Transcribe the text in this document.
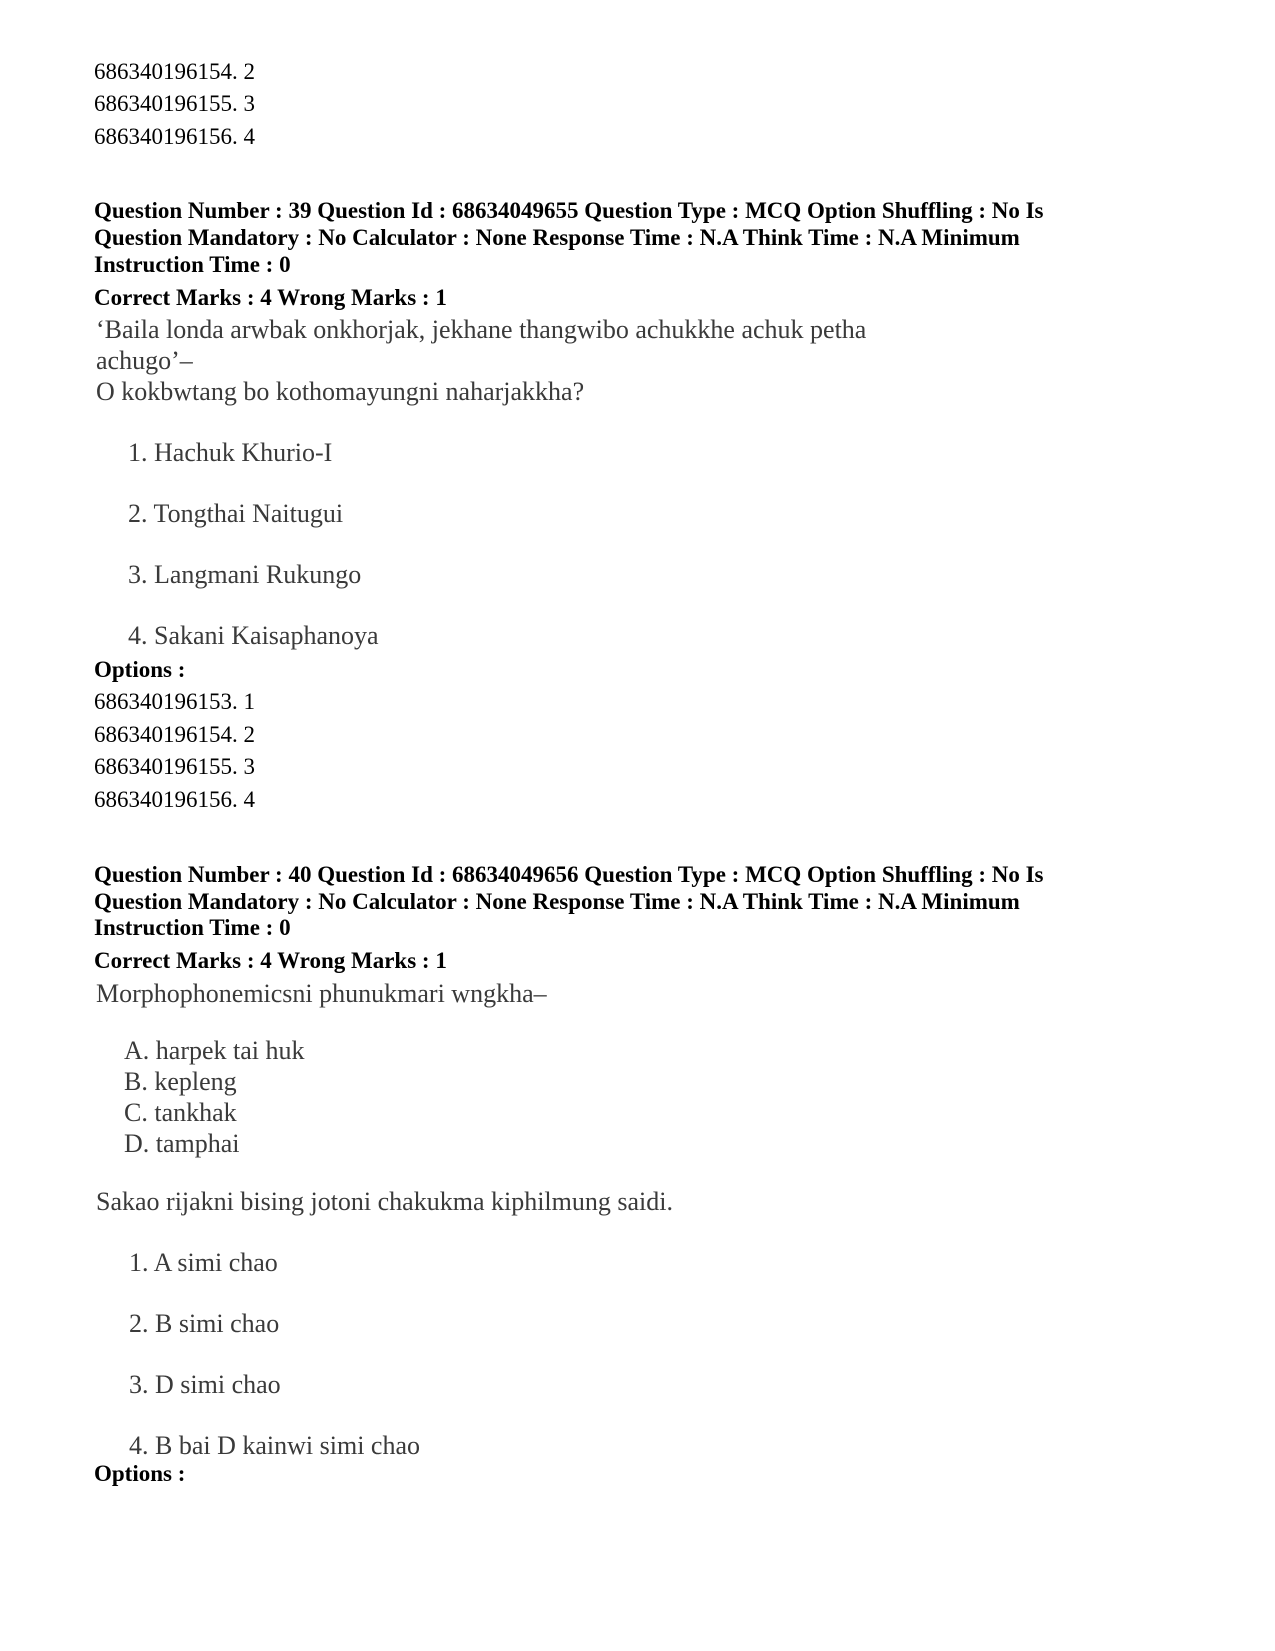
686340196154. 2
686340196155. 3
686340196156. 4
Question Number : 39 Question Id : 68634049655 Question Type : MCQ Option Shuffling : No Is
Question Mandatory : No Calculator : None Response Time : N.A Think Time : N.A Minimum
Instruction Time : 0
Correct Marks : 4 Wrong Marks : 1
‘Baila londa arwbak onkhorjak, jekhane thangwibo achukkhe achuk petha
achugo’–
O kokbwtang bo kothomayungni naharjakkha?
1. Hachuk Khurio-I
2. Tongthai Naitugui
3. Langmani Rukungo
4. Sakani Kaisaphanoya
Options :
686340196153. 1
686340196154. 2
686340196155. 3
686340196156. 4
Question Number : 40 Question Id : 68634049656 Question Type : MCQ Option Shuffling : No Is
Question Mandatory : No Calculator : None Response Time : N.A Think Time : N.A Minimum
Instruction Time : 0
Correct Marks : 4 Wrong Marks : 1
Morphophonemicsni phunukmari wngkha–
A. harpek tai huk
B. kepleng
C. tankhak
D. tamphai
Sakao rijakni bising jotoni chakukma kiphilmung saidi.
1. A simi chao
2. B simi chao
3. D simi chao
4. B bai D kainwi simi chao
Options :
